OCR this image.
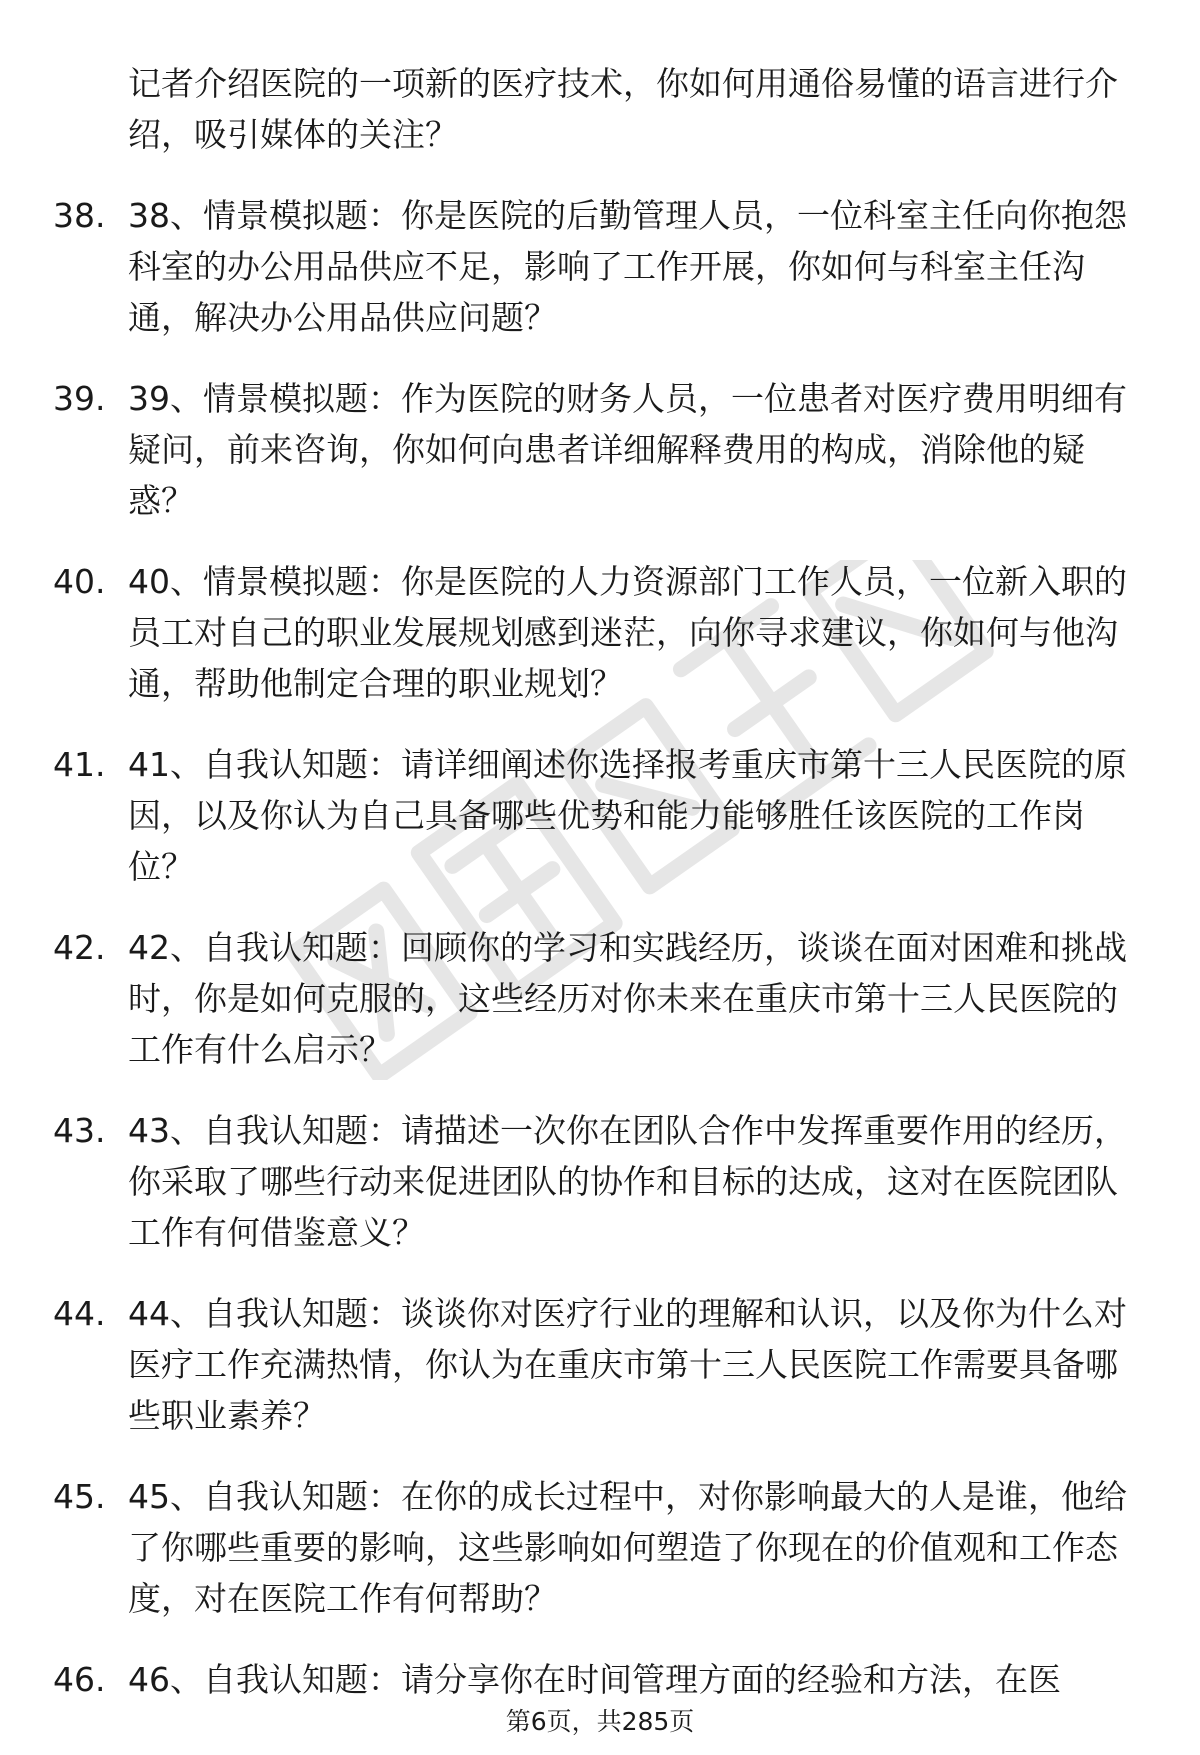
记者介绍医院的一项新的医疗技术，你如何用通俗易懂的语言进行介绍，吸引媒体的关注？
38. 38、情景模拟题：你是医院的后勤管理人员，一位科室主任向你抱怨科室的办公用品供应不足，影响了工作开展，你如何与科室主任沟通，解决办公用品供应问题？
39. 39、情景模拟题：作为医院的财务人员，一位患者对医疗费用明细有疑问，前来咨询，你如何向患者详细解释费用的构成，消除他的疑惑？
40. 40、情景模拟题：你是医院的人力资源部门工作人员，一位新入职的员工对自己的职业发展规划感到迷茫，向你寻求建议，你如何与他沟通，帮助他制定合理的职业规划？
41. 41、自我认知题：请详细阐述你选择报考重庆市第十三人民医院的原因，以及你认为自己具备哪些优势和能力能够胜任该医院的工作岗位？
42. 42、自我认知题：回顾你的学习和实践经历，谈谈在面对困难和挑战时，你是如何克服的，这些经历对你未来在重庆市第十三人民医院的工作有什么启示？
43. 43、自我认知题：请描述一次你在团队合作中发挥重要作用的经历，你采取了哪些行动来促进团队的协作和目标的达成，这对在医院团队工作有何借鉴意义？
44. 44、自我认知题：谈谈你对医疗行业的理解和认识，以及你为什么对医疗工作充满热情，你认为在重庆市第十三人民医院工作需要具备哪些职业素养？
45. 45、自我认知题：在你的成长过程中，对你影响最大的人是谁，他给了你哪些重要的影响，这些影响如何塑造了你现在的价值观和工作态度，对在医院工作有何帮助？
46. 46、自我认知题：请分享你在时间管理方面的经验和方法，在医
第6页，共285页
